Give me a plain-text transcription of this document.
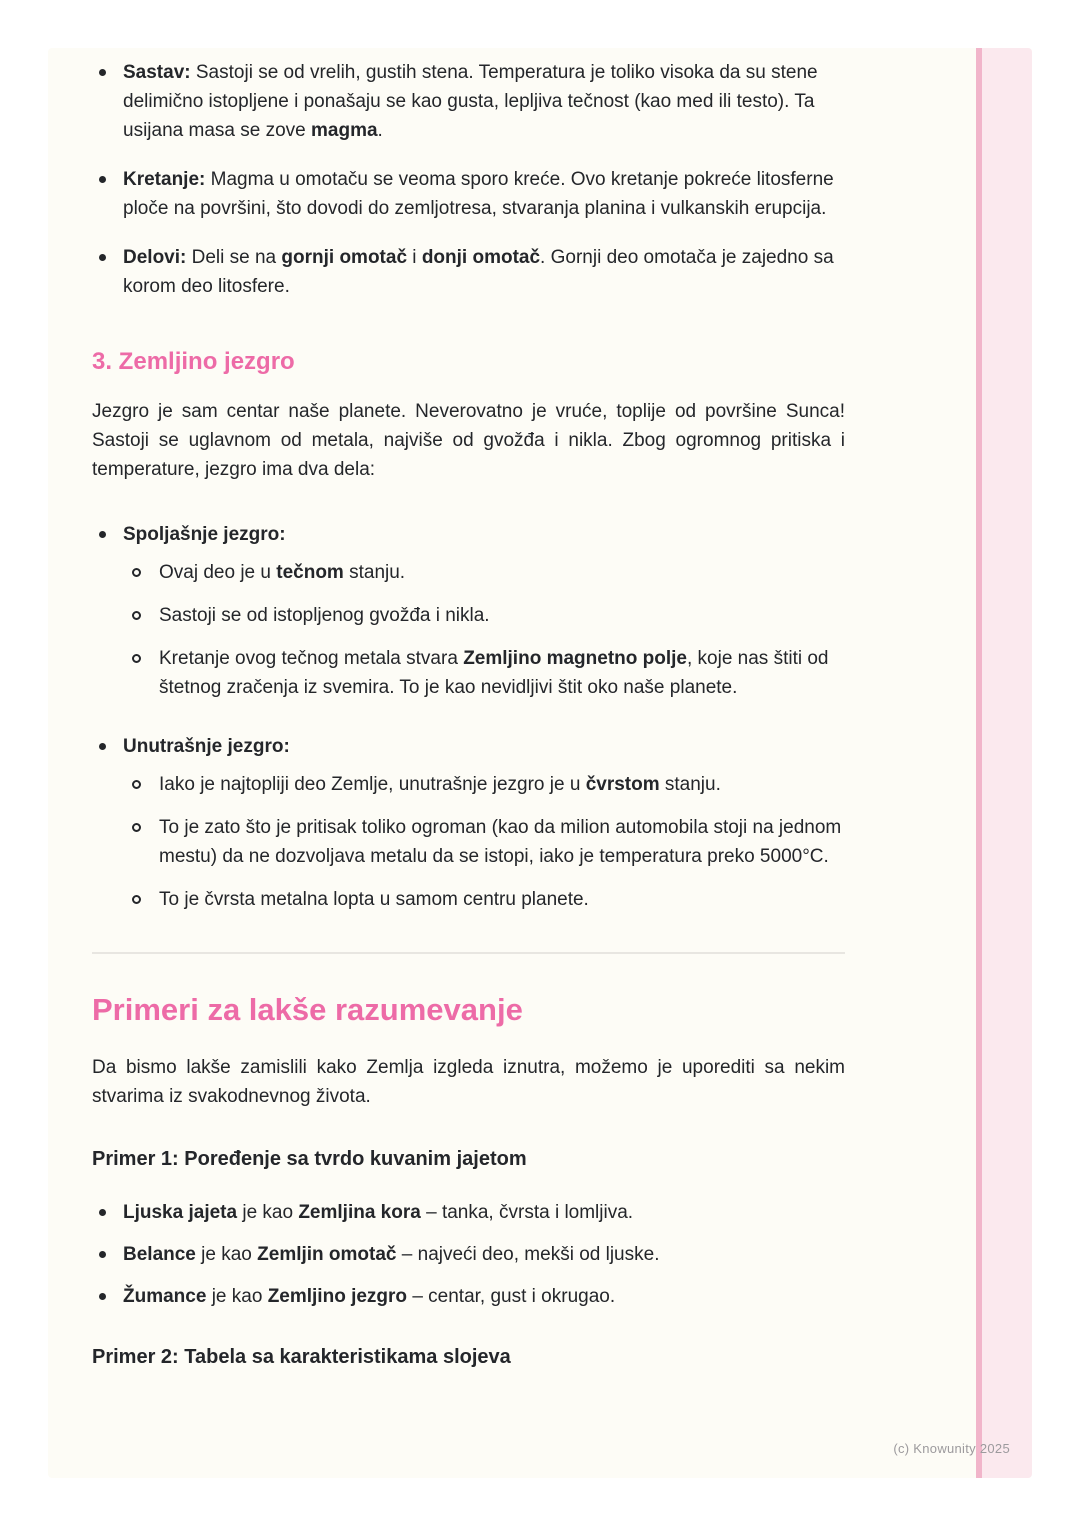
Sastav: Sastoji se od vrelih, gustih stena. Temperatura je toliko visoka da su stene delimično istopljene i ponašaju se kao gusta, lepljiva tečnost (kao med ili testo). Ta usijana masa se zove magma.
Kretanje: Magma u omotaču se veoma sporo kreće. Ovo kretanje pokreće litosferne ploče na površini, što dovodi do zemljotresa, stvaranja planina i vulkanskih erupcija.
Delovi: Deli se na gornji omotač i donji omotač. Gornji deo omotača je zajedno sa korom deo litosfere.
3. Zemljino jezgro

Jezgro je sam centar naše planete. Neverovatno je vruće, toplije od površine Sunca! Sastoji se uglavnom od metala, najviše od gvožđa i nikla. Zbog ogromnog pritiska i temperature, jezgro ima dva dela:

Spoljašnje jezgro:
Ovaj deo je u tečnom stanju.
Sastoji se od istopljenog gvožđa i nikla.
Kretanje ovog tečnog metala stvara Zemljino magnetno polje, koje nas štiti od štetnog zračenja iz svemira. To je kao nevidljivi štit oko naše planete.
Unutrašnje jezgro:
Iako je najtopliji deo Zemlje, unutrašnje jezgro je u čvrstom stanju.
To je zato što je pritisak toliko ogroman (kao da milion automobila stoji na jednom mestu) da ne dozvoljava metalu da se istopi, iako je temperatura preko 5000°C.
To je čvrsta metalna lopta u samom centru planete.
Primeri za lakše razumevanje

Da bismo lakše zamislili kako Zemlja izgleda iznutra, možemo je uporediti sa nekim stvarima iz svakodnevnog života.

Primer 1: Poređenje sa tvrdo kuvanim jajetom
Ljuska jajeta je kao Zemljina kora – tanka, čvrsta i lomljiva.
Belance je kao Zemljin omotač – najveći deo, mekši od ljuske.
Žumance je kao Zemljino jezgro – centar, gust i okrugao.
Primer 2: Tabela sa karakteristikama slojeva
(c) Knowunity 2025
